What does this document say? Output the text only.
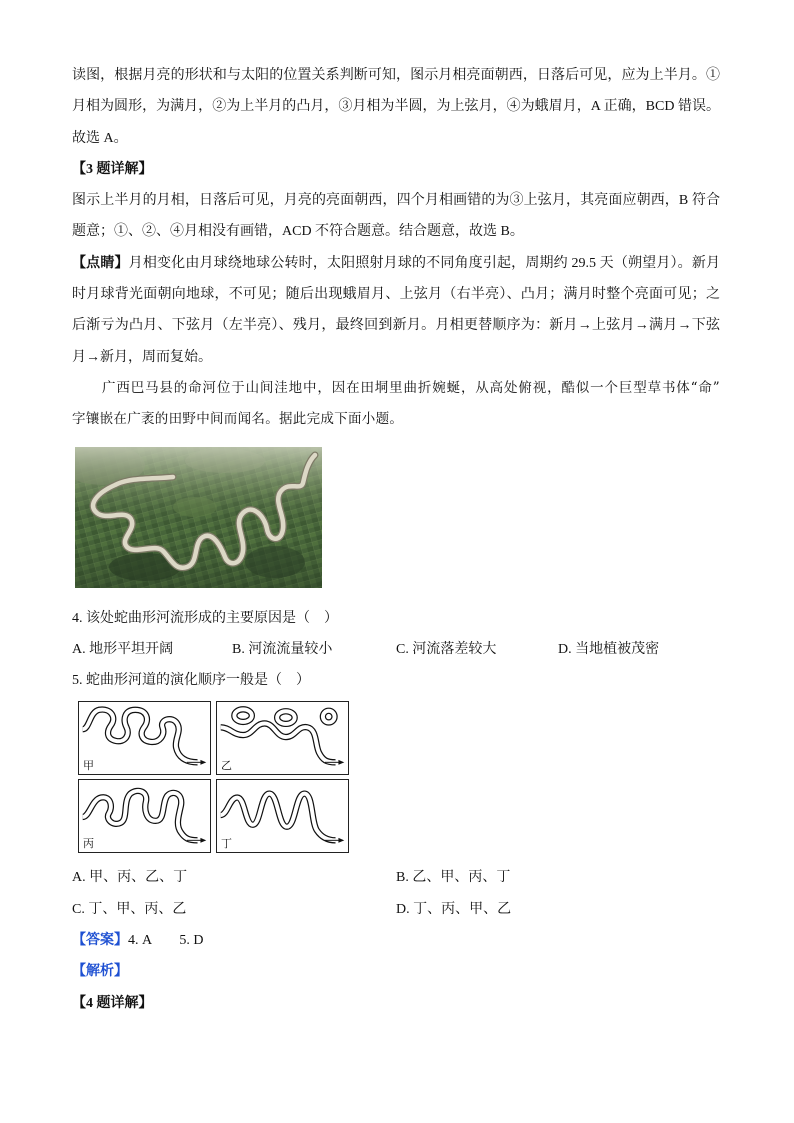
读图，根据月亮的形状和与太阳的位置关系判断可知，图示月相亮面朝西，日落后可见，应为上半月。①
月相为圆形，为满月，②为上半月的凸月，③月相为半圆，为上弦月，④为蛾眉月，A 正确，BCD 错误。
故选 A。
【3 题详解】
图示上半月的月相，日落后可见，月亮的亮面朝西，四个月相画错的为③上弦月，其亮面应朝西，B 符合
题意；①、②、④月相没有画错，ACD 不符合题意。结合题意，故选 B。
【点睛】月相变化由月球绕地球公转时，太阳照射月球的不同角度引起，周期约 29.5 天（朔望月）。新月
时月球背光面朝向地球，不可见；随后出现蛾眉月、上弦月（右半亮）、凸月；满月时整个亮面可见；之
后渐亏为凸月、下弦月（左半亮）、残月，最终回到新月。月相更替顺序为：新月→上弦月→满月→下弦
月→新月，周而复始。
广西巴马县的命河位于山间洼地中，因在田垌里曲折婉蜒，从高处俯视，酷似一个巨型草书体“命”
字镶嵌在广袤的田野中间而闻名。据此完成下面小题。
4. 该处蛇曲形河流形成的主要原因是（　）
A. 地形平坦开阔	B. 河流流量较小	C. 河流落差较大	D. 当地植被茂密
5. 蛇曲形河道的演化顺序一般是（　）
甲	乙
丙	丁
A. 甲、丙、乙、丁	B. 乙、甲、丙、丁
C. 丁、甲、丙、乙	D. 丁、丙、甲、乙
【答案】4. A　　5. D
【解析】
【4 题详解】
